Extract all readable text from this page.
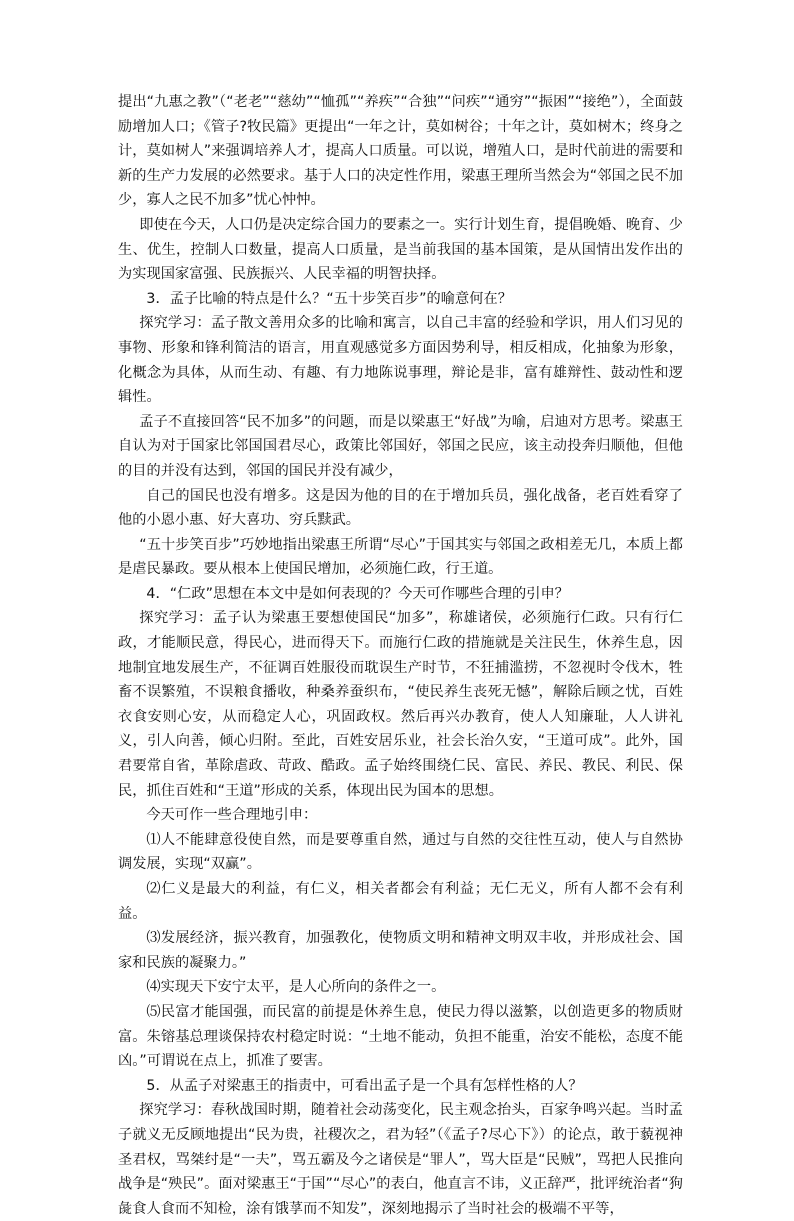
提出“九惠之教”（“老老”“慈幼”“恤孤”“养疾”“合独”“问疾”“通穷”“振困”“接绝”），全面鼓励增加人口；《管子?牧民篇》更提出“一年之计，莫如树谷；十年之计，莫如树木；终身之计，莫如树人”来强调培养人才，提高人口质量。可以说，增殖人口，是时代前进的需要和新的生产力发展的必然要求。基于人口的决定性作用，梁惠王理所当然会为“邻国之民不加少，寡人之民不加多”忧心忡忡。

即使在今天，人口仍是决定综合国力的要素之一。实行计划生育，提倡晚婚、晚育、少生、优生，控制人口数量，提高人口质量，是当前我国的基本国策，是从国情出发作出的为实现国家富强、民族振兴、人民幸福的明智抉择。

3．孟子比喻的特点是什么？“五十步笑百步”的喻意何在？

探究学习：孟子散文善用众多的比喻和寓言，以自己丰富的经验和学识，用人们习见的事物、形象和锋利简洁的语言，用直观感觉多方面因势利导，相反相成，化抽象为形象，化概念为具体，从而生动、有趣、有力地陈说事理，辩论是非，富有雄辩性、鼓动性和逻辑性。

孟子不直接回答“民不加多”的问题，而是以梁惠王“好战”为喻，启迪对方思考。梁惠王自认为对于国家比邻国国君尽心，政策比邻国好，邻国之民应，该主动投奔归顺他，但他的目的并没有达到，邻国的国民并没有减少，

自己的国民也没有增多。这是因为他的目的在于增加兵员，强化战备，老百姓看穿了他的小恩小惠、好大喜功、穷兵黩武。

“五十步笑百步”巧妙地指出梁惠王所谓“尽心”于国其实与邻国之政相差无几，本质上都是虐民暴政。要从根本上使国民增加，必须施仁政，行王道。

4．“仁政”思想在本文中是如何表现的？今天可作哪些合理的引申？

探究学习：孟子认为梁惠王要想使国民“加多”，称雄诸侯，必须施行仁政。只有行仁政，才能顺民意，得民心，进而得天下。而施行仁政的措施就是关注民生，休养生息，因地制宜地发展生产，不征调百姓服役而耽误生产时节，不狂捕滥捞，不忽视时令伐木，牲畜不误繁殖，不误粮食播收，种桑养蚕织布，“使民养生丧死无憾”，解除后顾之忧，百姓衣食安则心安，从而稳定人心，巩固政权。然后再兴办教育，使人人知廉耻，人人讲礼义，引人向善，倾心归附。至此，百姓安居乐业，社会长治久安，“王道可成”。此外，国君要常自省，革除虐政、苛政、酷政。孟子始终围绕仁民、富民、养民、教民、利民、保民，抓住百姓和“王道”形成的关系，体现出民为国本的思想。

今天可作一些合理地引申：

⑴人不能肆意役使自然，而是要尊重自然，通过与自然的交往性互动，使人与自然协调发展，实现“双赢”。

⑵仁义是最大的利益，有仁义，相关者都会有利益；无仁无义，所有人都不会有利益。

⑶发展经济，振兴教育，加强教化，使物质文明和精神文明双丰收，并形成社会、国家和民族的凝聚力。”

⑷实现天下安宁太平，是人心所向的条件之一。

⑸民富才能国强，而民富的前提是休养生息，使民力得以滋繁，以创造更多的物质财富。朱镕基总理谈保持农村稳定时说：“土地不能动，负担不能重，治安不能松，态度不能凶。”可谓说在点上，抓准了要害。

5．从孟子对梁惠王的指责中，可看出孟子是一个具有怎样性格的人？

探究学习：春秋战国时期，随着社会动荡变化，民主观念抬头，百家争鸣兴起。当时孟子就义无反顾地提出“民为贵，社稷次之，君为轻”（《孟子?尽心下》）的论点，敢于藐视神圣君权，骂桀纣是“一夫”，骂五霸及今之诸侯是“罪人”，骂大臣是“民贼”，骂把人民推向战争是“殃民”。面对梁惠王“于国”“尽心”的表白，他直言不讳，义正辞严，批评统治者“狗彘食人食而不知检，涂有饿莩而不知发”，深刻地揭示了当时社会的极端不平等，
